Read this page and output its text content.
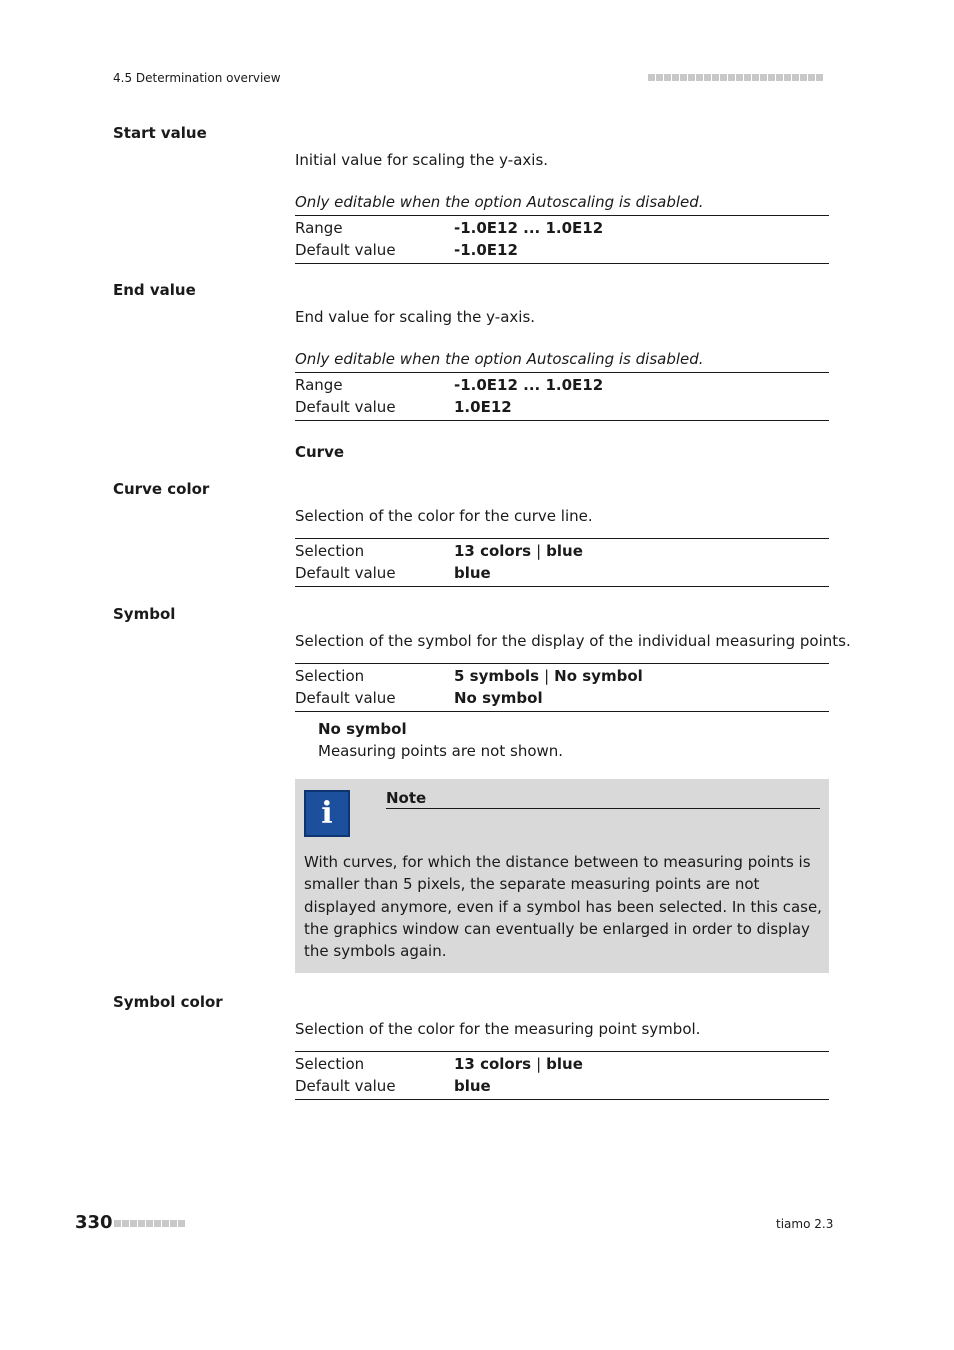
4.5 Determination overview
Start value
Initial value for scaling the y-axis.
Only editable when the option Autoscaling is disabled.
Range	-1.0E12 ... 1.0E12
Default value	-1.0E12
End value
End value for scaling the y-axis.
Only editable when the option Autoscaling is disabled.
Range	-1.0E12 ... 1.0E12
Default value	1.0E12
Curve
Curve color
Selection of the color for the curve line.
Selection	13 colors | blue
Default value	blue
Symbol
Selection of the symbol for the display of the individual measuring points.
Selection	5 symbols | No symbol
Default value	No symbol
No symbol
Measuring points are not shown.
i	Note
With curves, for which the distance between to measuring points is smaller than 5 pixels, the separate measuring points are not displayed anymore, even if a symbol has been selected. In this case, the graphics window can eventually be enlarged in order to display the symbols again.
Symbol color
Selection of the color for the measuring point symbol.
Selection	13 colors | blue
Default value	blue
330	tiamo 2.3
